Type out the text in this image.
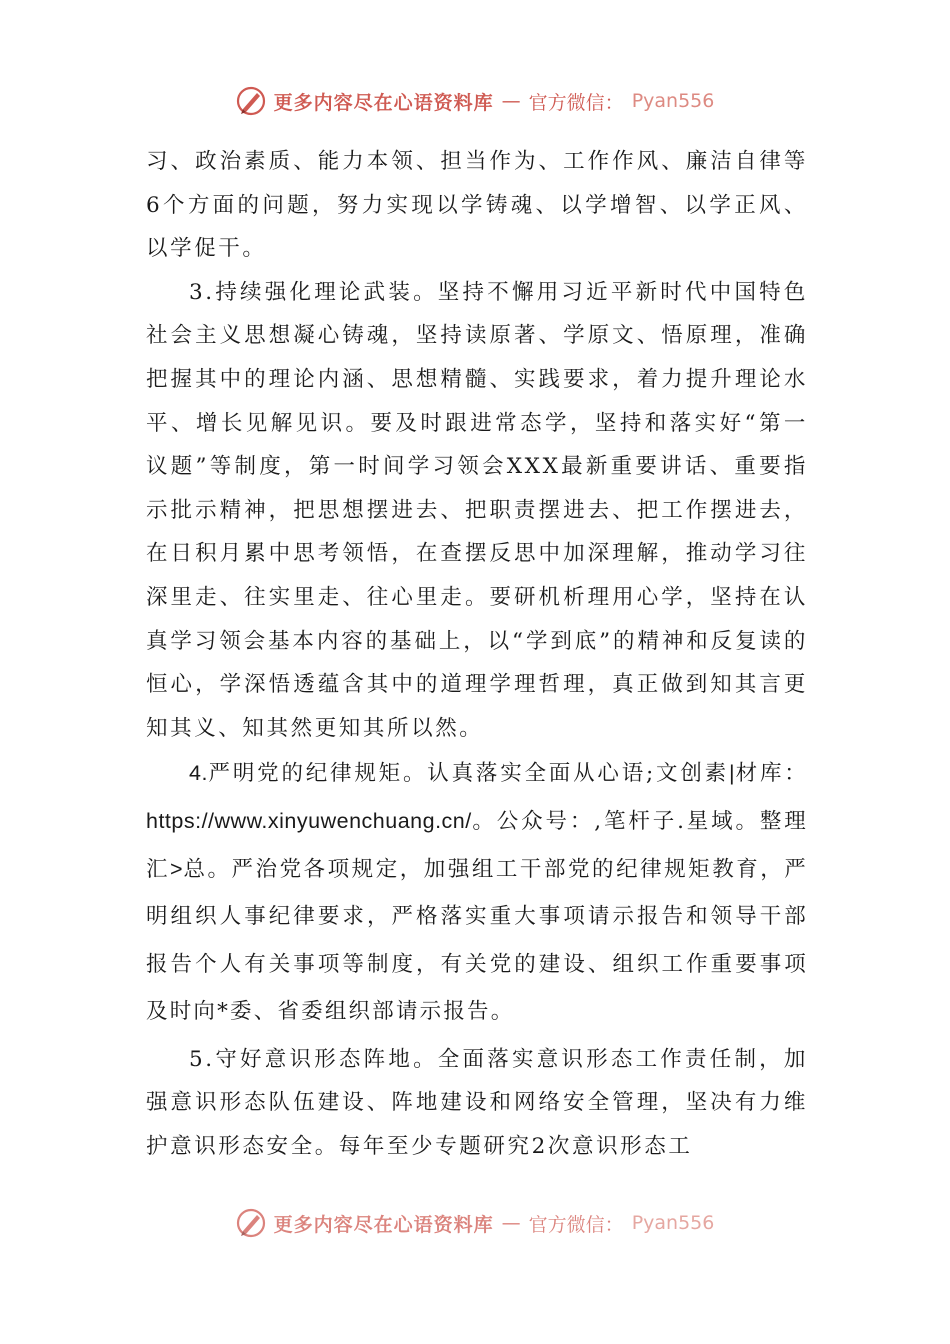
更多内容尽在心语资料库 — 官方微信： Pyan556

习、政治素质、能力本领、担当作为、工作作风、廉洁自律等6个方面的问题，努力实现以学铸魂、以学增智、以学正风、以学促干。

3.持续强化理论武装。坚持不懈用习近平新时代中国特色社会主义思想凝心铸魂，坚持读原著、学原文、悟原理，准确把握其中的理论内涵、思想精髓、实践要求，着力提升理论水平、增长见解见识。要及时跟进常态学，坚持和落实好“第一议题”等制度，第一时间学习领会XXX最新重要讲话、重要指示批示精神，把思想摆进去、把职责摆进去、把工作摆进去，在日积月累中思考领悟，在查摆反思中加深理解，推动学习往深里走、往实里走、往心里走。要研机析理用心学，坚持在认真学习领会基本内容的基础上，以“学到底”的精神和反复读的恒心，学深悟透蕴含其中的道理学理哲理，真正做到知其言更知其义、知其然更知其所以然。

4.严明党的纪律规矩。认真落实全面从心语;文创素|材库：https://www.xinyuwenchuang.cn/。公众号：,笔杆子.星域。整理汇>总。严治党各项规定，加强组工干部党的纪律规矩教育，严明组织人事纪律要求，严格落实重大事项请示报告和领导干部报告个人有关事项等制度，有关党的建设、组织工作重要事项及时向*委、省委组织部请示报告。

5.守好意识形态阵地。全面落实意识形态工作责任制，加强意识形态队伍建设、阵地建设和网络安全管理，坚决有力维护意识形态安全。每年至少专题研究2次意识形态工

更多内容尽在心语资料库 — 官方微信： Pyan556
